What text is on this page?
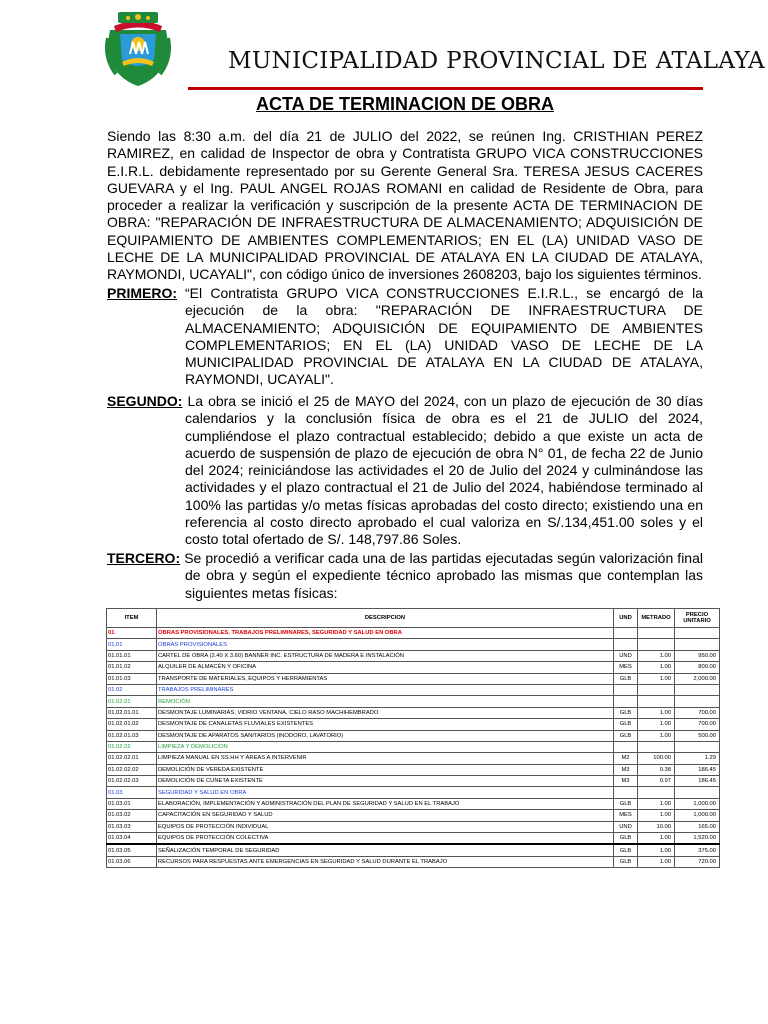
MUNICIPALIDAD PROVINCIAL DE ATALAYA
ACTA DE TERMINACION DE OBRA

Siendo las 8:30 a.m. del día 21 de JULIO del 2022, se reúnen Ing. CRISTHIAN PEREZ RAMIREZ, en calidad de Inspector de obra y Contratista GRUPO VICA CONSTRUCCIONES E.I.R.L. debidamente representado por su Gerente General Sra. TERESA JESUS CACERES GUEVARA y el Ing. PAUL ANGEL ROJAS ROMANI en calidad de Residente de Obra, para proceder a realizar la verificación y suscripción de la presente ACTA DE TERMINACION DE OBRA: "REPARACIÓN DE INFRAESTRUCTURA DE ALMACENAMIENTO; ADQUISICIÓN DE EQUIPAMIENTO DE AMBIENTES COMPLEMENTARIOS; EN EL (LA) UNIDAD VASO DE LECHE DE LA MUNICIPALIDAD PROVINCIAL DE ATALAYA EN LA CIUDAD DE ATALAYA, RAYMONDI, UCAYALI", con código único de inversiones 2608203, bajo los siguientes términos.

PRIMERO: “El Contratista GRUPO VICA CONSTRUCCIONES E.I.R.L., se encargó de la ejecución de la obra: "REPARACIÓN DE INFRAESTRUCTURA DE ALMACENAMIENTO; ADQUISICIÓN DE EQUIPAMIENTO DE AMBIENTES COMPLEMENTARIOS; EN EL (LA) UNIDAD VASO DE LECHE DE LA MUNICIPALIDAD PROVINCIAL DE ATALAYA EN LA CIUDAD DE ATALAYA, RAYMONDI, UCAYALI".
SEGUNDO: La obra se inició el 25 de MAYO del 2024, con un plazo de ejecución de 30 días
calendarios y la conclusión física de obra es el 21 de JULIO del 2024, cumpliéndose el plazo contractual establecido; debido a que existe un acta de acuerdo de suspensión de plazo de ejecución de obra N° 01, de fecha 22 de Junio del 2024; reiniciándose las actividades el 20 de Julio del 2024 y culminándose las actividades y el plazo contractual el 21 de Julio del 2024, habiéndose terminado al 100% las partidas y/o metas físicas aprobadas del costo directo; existiendo una en referencia al costo directo aprobado el cual valoriza en S/.134,451.00 soles y el costo total ofertado de S/. 148,797.86 Soles.
TERCERO: Se procedió a verificar cada una de las partidas ejecutadas según valorización final
de obra y según el expediente técnico aprobado las mismas que contemplan las siguientes metas físicas:
ITEM	DESCRIPCION	UND	METRADO	PRECIO UNITARIO
01	OBRAS PROVISIONALES, TRABAJOS PRELIMINARES, SEGURIDAD Y SALUD EN OBRA			
01.01	OBRAS PROVISIONALES			
01.01.01	CARTEL DE OBRA (2.40 X 3.60) BANNER INC. ESTRUCTURA DE MADERA E INSTALACIÓN	UND	1.00	950.00
01.01.02	ALQUILER DE ALMACÉN Y OFICINA	MES	1.00	800.00
01.01.03	TRANSPORTE DE MATERIALES, EQUIPOS Y HERRAMIENTAS	GLB	1.00	2,000.00
01.02	TRABAJOS PRELIMINARES			
01.02.01	REMOCIÓN			
01.02.01.01	DESMONTAJE LUMINARIAS, VIDRIO VENTANA, CIELO RASO MACHIHEMBRADO	GLB	1.00	700.00
01.02.01.02	DESMONTAJE DE CANALETAS FLUVIALES EXISTENTES	GLB	1.00	700.00
01.02.01.03	DESMONTAJE DE APARATOS SANITARIOS (INODORO, LAVATORIO)	GLB	1.00	500.00
01.02.02	LIMPIEZA Y DEMOLICION			
01.02.02.01	LIMPIEZA MANUAL EN SS.HH Y ÁREAS A INTERVENIR	M2	100.00	1.29
01.02.02.02	DEMOLICIÓN DE VEREDA EXISTENTE	M3	0.38	186.45
01.02.02.03	DEMOLICIÓN DE CUNETA EXISTENTE	M3	0.97	186.45
01.03	SEGURIDAD Y SALUD EN OBRA			
01.03.01	ELABORACIÓN, IMPLEMENTACIÓN Y ADMINISTRACIÓN DEL PLAN DE SEGURIDAD Y SALUD EN EL TRABAJO	GLB	1.00	1,000.00
01.03.02	CAPACITACIÓN EN SEGURIDAD Y SALUD	MES	1.00	1,000.00
01.03.03	EQUIPOS DE PROTECCIÓN INDIVIDUAL	UND	10.00	165.00
01.03.04	EQUIPOS DE PROTECCIÓN COLECTIVA	GLB	1.00	1,520.00
01.03.05	SEÑALIZACIÓN TEMPORAL DE SEGURIDAD	GLB	1.00	375.00
01.03.06	RECURSOS PARA RESPUESTAS ANTE EMERGENCIAS EN SEGURIDAD Y SALUD DURANTE EL TRABAJO	GLB	1.00	720.00
